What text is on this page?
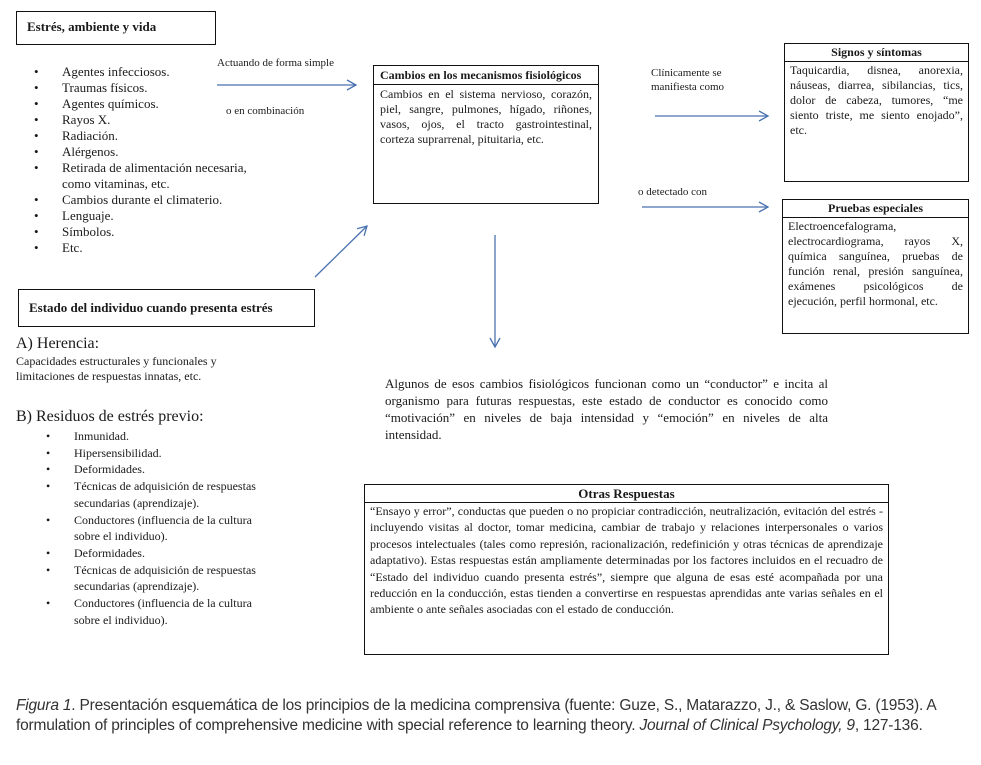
Estrés, ambiente y vida
• Agentes infecciosos.
• Traumas físicos.
• Agentes químicos.
• Rayos X.
• Radiación.
• Alérgenos.
• Retirada de alimentación necesaria, como vitaminas, etc.
• Cambios durante el climaterio.
• Lenguaje.
• Símbolos.
• Etc.
Actuando de forma simple
o en combinación
Clínicamente se manifiesta como
o detectado con
Cambios en los mecanismos fisiológicos
Cambios en el sistema nervioso, corazón, piel, sangre, pulmones, hígado, riñones, vasos, ojos, el tracto gastrointestinal, corteza suprarrenal, pituitaria, etc.
Signos y síntomas
Taquicardia, disnea, anorexia, náuseas, diarrea, sibilancias, tics, dolor de cabeza, tumores, “me siento triste, me siento enojado”, etc.
Pruebas especiales
Electroencefalograma, electrocardiograma, rayos X, química sanguínea, pruebas de función renal, presión sanguínea, exámenes psicológicos de ejecución, perfil hormonal, etc.
Estado del individuo cuando presenta estrés
A) Herencia:
Capacidades estructurales y funcionales y limitaciones de respuestas innatas, etc.
B) Residuos de estrés previo:
• Inmunidad.
• Hipersensibilidad.
• Deformidades.
• Técnicas de adquisición de respuestas secundarias (aprendizaje).
• Conductores (influencia de la cultura sobre el individuo).
• Deformidades.
• Técnicas de adquisición de respuestas secundarias (aprendizaje).
• Conductores (influencia de la cultura sobre el individuo).
Algunos de esos cambios fisiológicos funcionan como un “conductor” e incita al organismo para futuras respuestas, este estado de conductor es conocido como “motivación” en niveles de baja intensidad y “emoción” en niveles de alta intensidad.
Otras Respuestas
“Ensayo y error”, conductas que pueden o no propiciar contradicción, neutralización, evitación del estrés -incluyendo visitas al doctor, tomar medicina, cambiar de trabajo y relaciones interpersonales o varios procesos intelectuales (tales como represión, racionalización, redefinición y otras técnicas de aprendizaje adaptativo). Estas respuestas están ampliamente determinadas por los factores incluidos en el recuadro de “Estado del individuo cuando presenta estrés”, siempre que alguna de esas esté acompañada por una reducción en la conducción, estas tienden a convertirse en respuestas aprendidas ante varias señales en el ambiente o ante señales asociadas con el estado de conducción.
Figura 1. Presentación esquemática de los principios de la medicina comprensiva (fuente: Guze, S., Matarazzo, J., & Saslow, G. (1953). A formulation of principles of comprehensive medicine with special reference to learning theory. Journal of Clinical Psychology, 9, 127-136.
